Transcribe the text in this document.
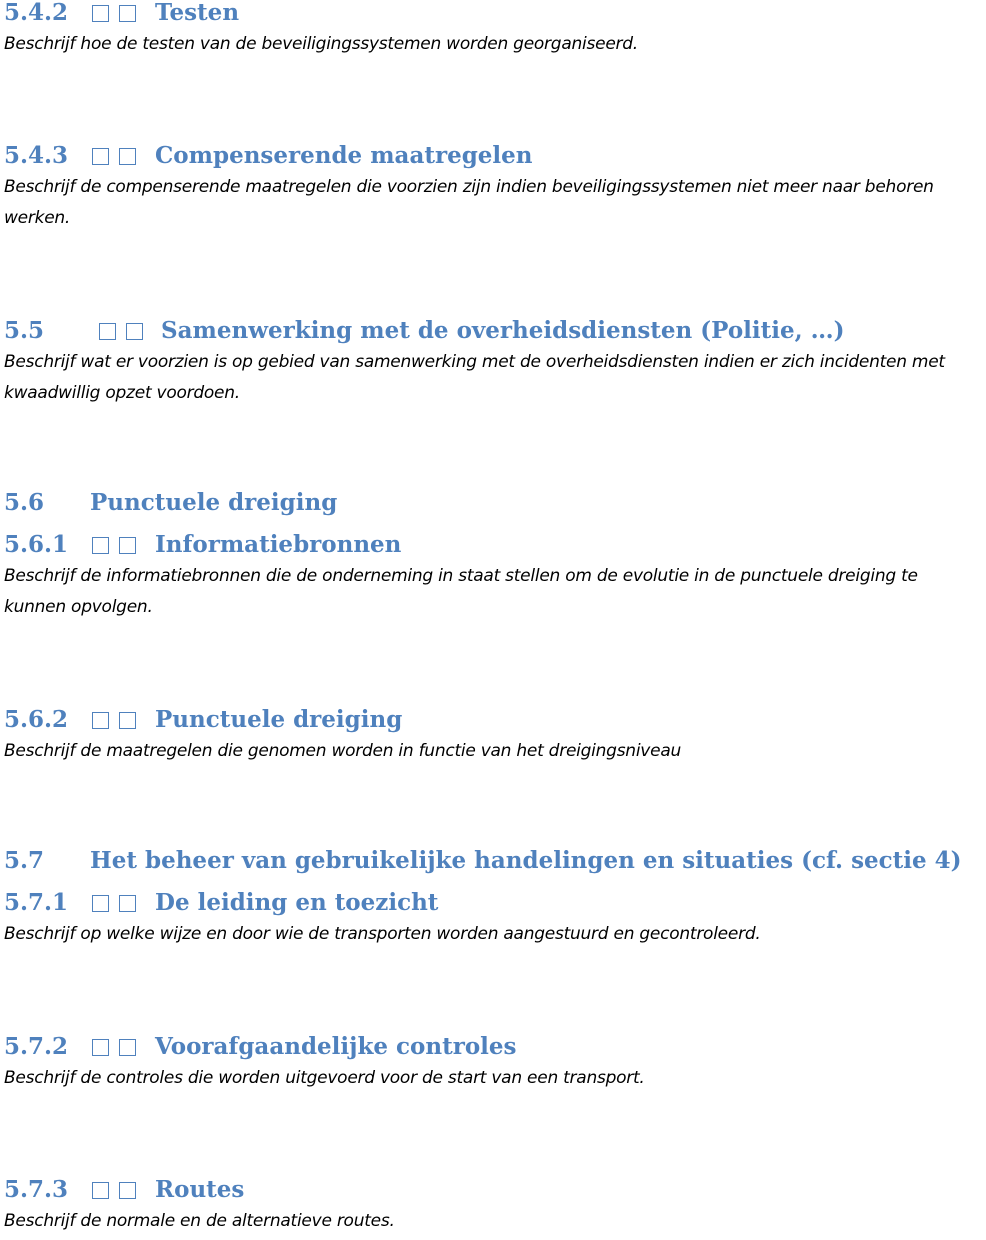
5.4.2	Testen
Beschrijf hoe de testen van de beveiligingssystemen worden georganiseerd.
5.4.3	Compenserende maatregelen
Beschrijf de compenserende maatregelen die voorzien zijn indien beveiligingssystemen niet meer naar behoren werken.
5.5	Samenwerking met de overheidsdiensten (Politie, …)
Beschrijf wat er voorzien is op gebied van samenwerking met de overheidsdiensten indien er zich incidenten met kwaadwillig opzet voordoen.
5.6 Punctuele dreiging
5.6.1	Informatiebronnen
Beschrijf de informatiebronnen die de onderneming in staat stellen om de evolutie in de punctuele dreiging te kunnen opvolgen.
5.6.2	Punctuele dreiging
Beschrijf de maatregelen die genomen worden in functie van het dreigingsniveau
5.7 Het beheer van gebruikelijke handelingen en situaties (cf. sectie 4)
5.7.1	De leiding en toezicht
Beschrijf op welke wijze en door wie de transporten worden aangestuurd en gecontroleerd.
5.7.2	Voorafgaandelijke controles
Beschrijf de controles die worden uitgevoerd voor de start van een transport.
5.7.3	Routes
Beschrijf de normale en de alternatieve routes.
